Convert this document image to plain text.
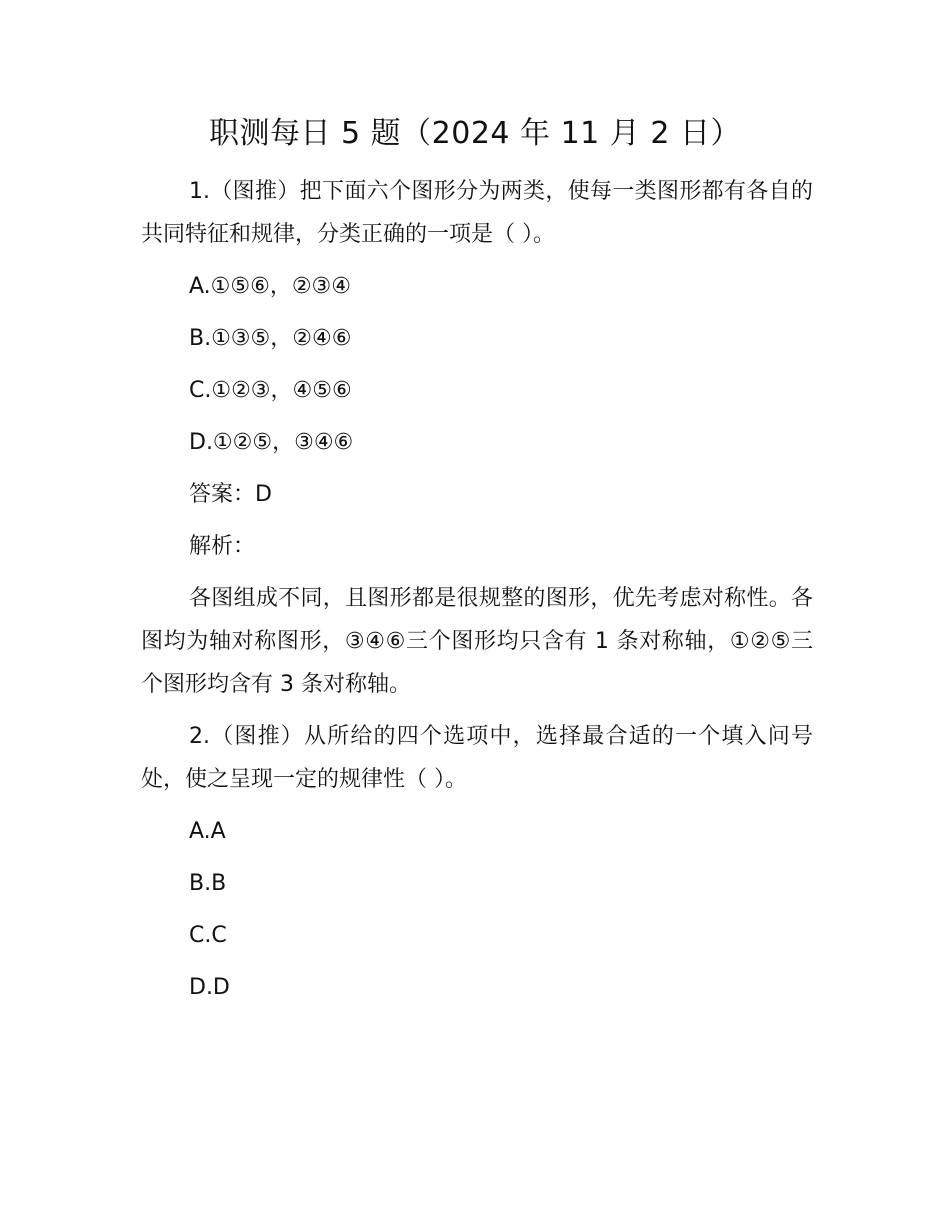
职测每日 5 题（2024 年 11 月 2 日）
1.（图推）把下面六个图形分为两类，使每一类图形都有各自的共同特征和规律，分类正确的一项是（ ）。
A.①⑤⑥，②③④
B.①③⑤，②④⑥
C.①②③，④⑤⑥
D.①②⑤，③④⑥
答案：D
解析：
各图组成不同，且图形都是很规整的图形，优先考虑对称性。各图均为轴对称图形，③④⑥三个图形均只含有 1 条对称轴，①②⑤三个图形均含有 3 条对称轴。
2.（图推）从所给的四个选项中，选择最合适的一个填入问号处，使之呈现一定的规律性（ ）。
A.A
B.B
C.C
D.D
